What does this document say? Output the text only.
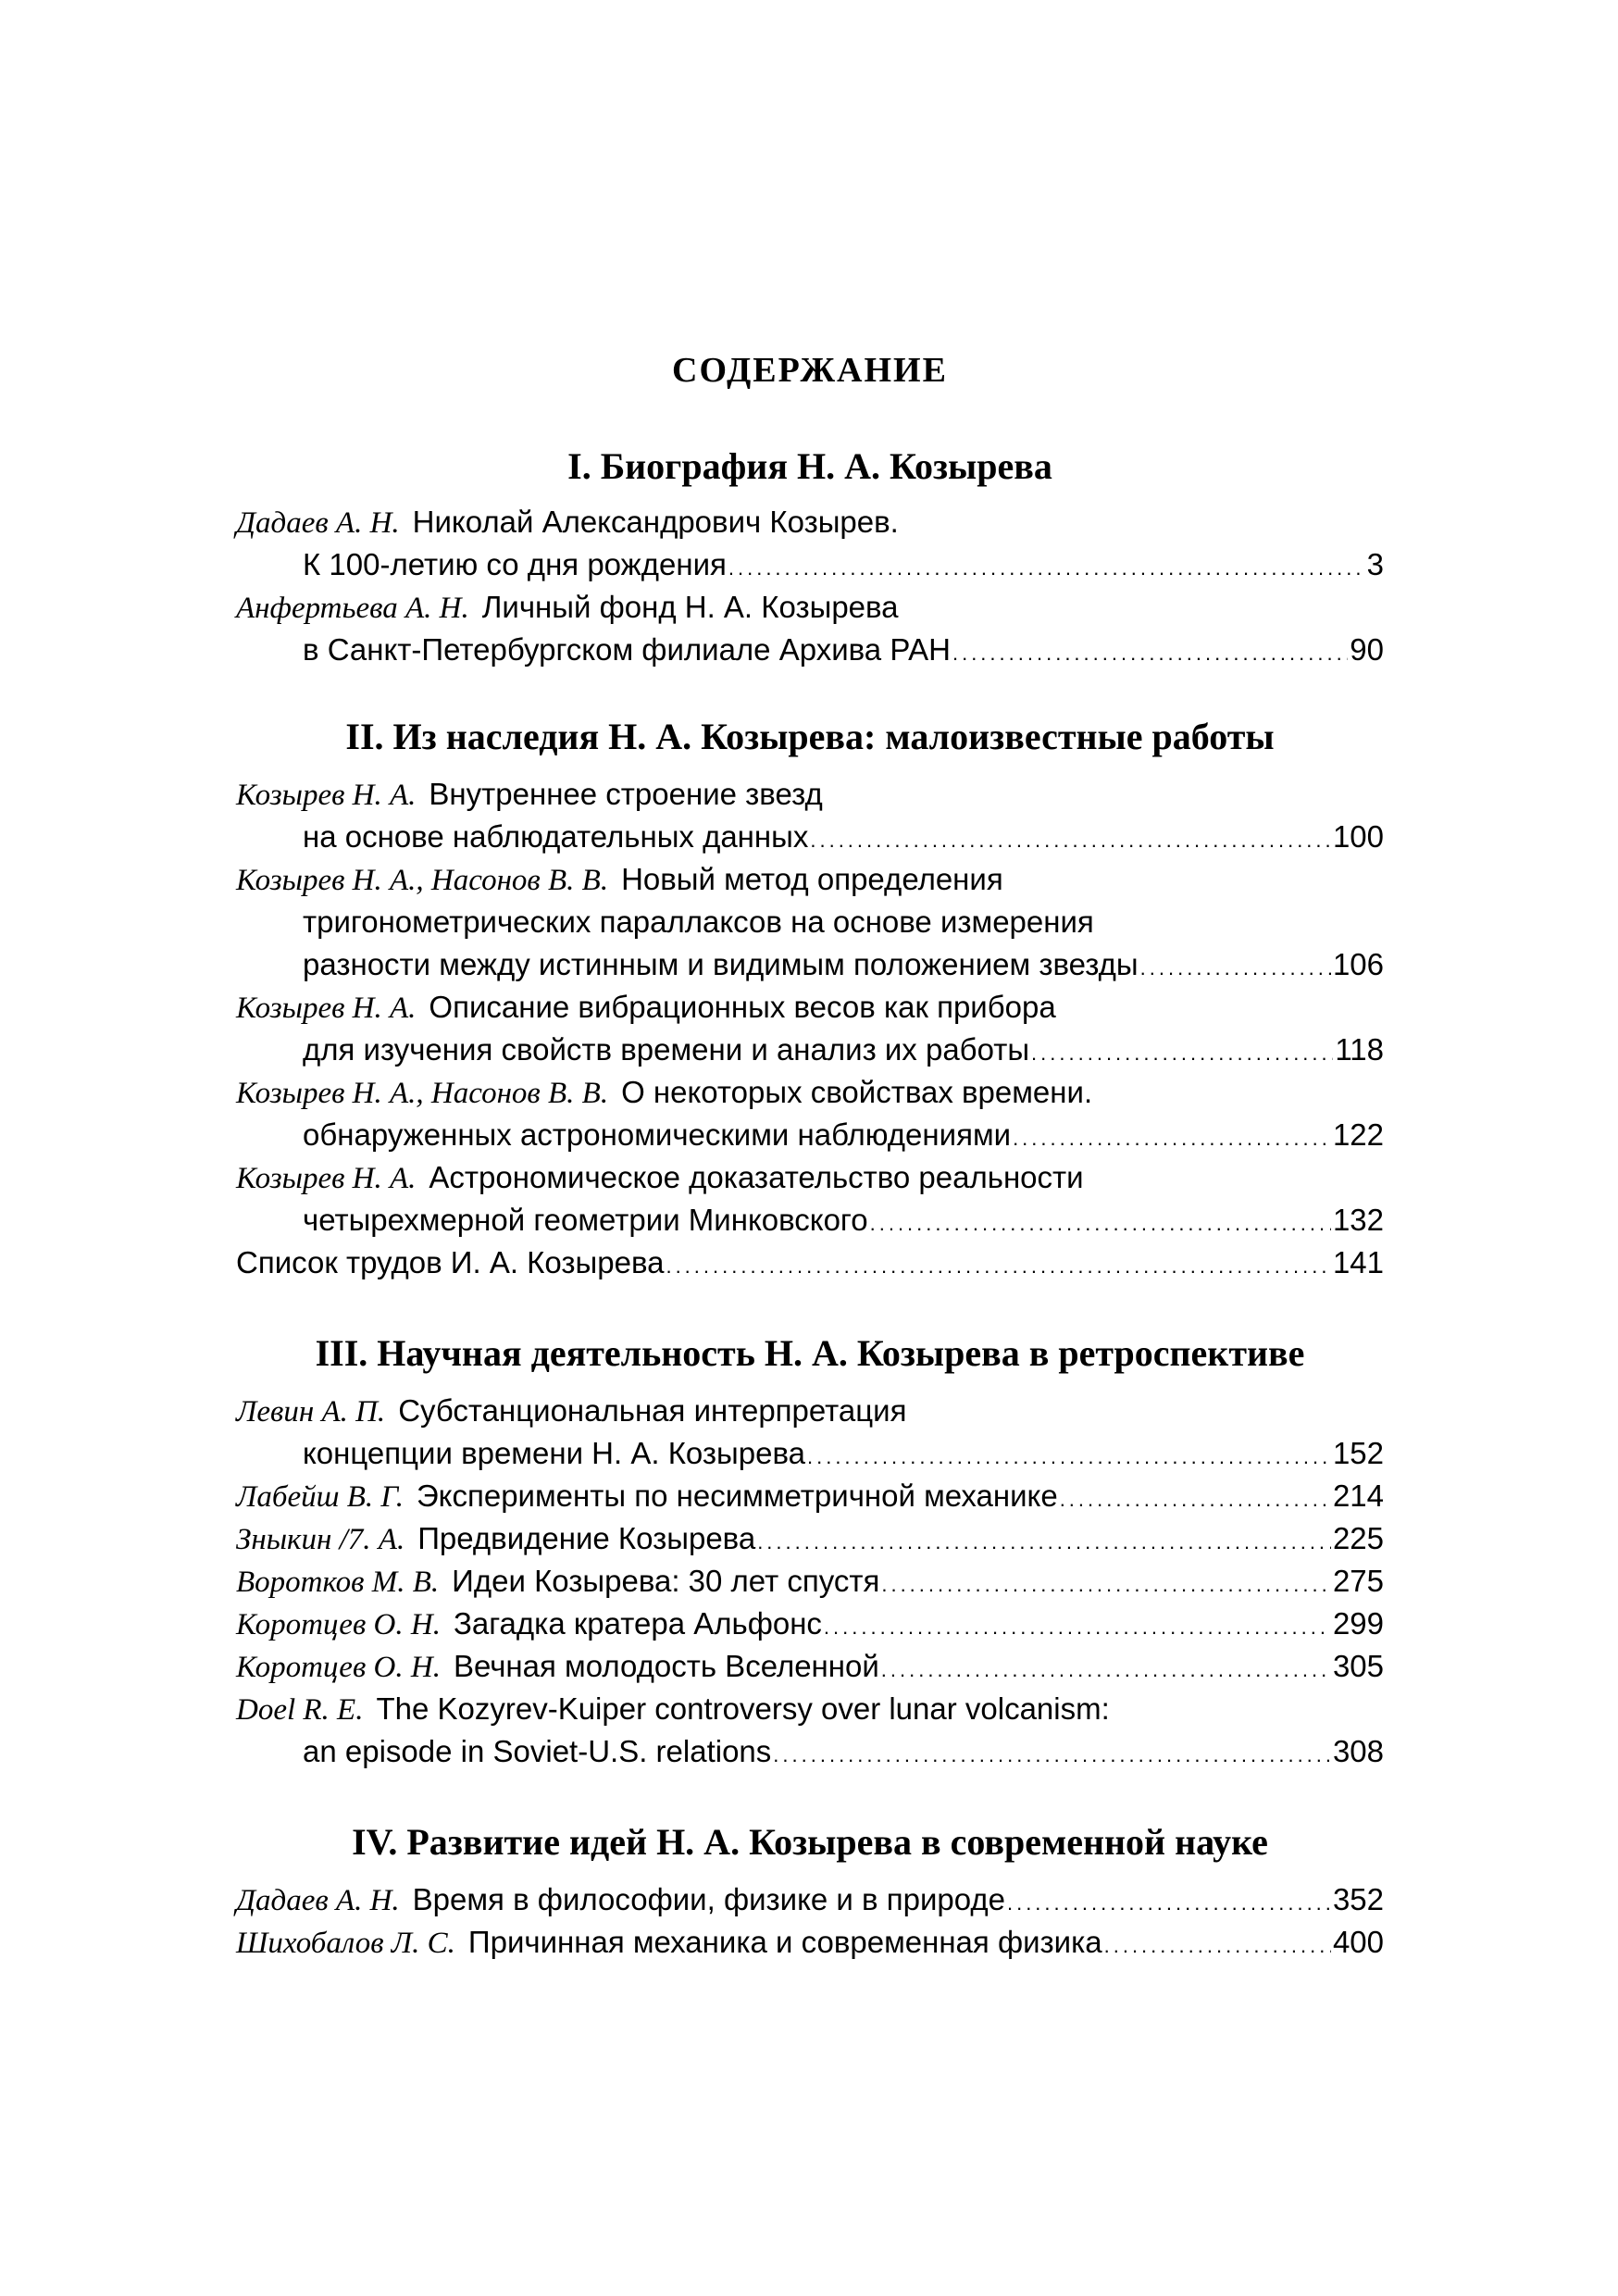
СОДЕРЖАНИЕ
I. Биография Н. А. Козырева
Дадаев А. Н. Николай Александрович Козырев.
К 100-летию со дня рождения .....	3
Анфертьева А. Н. Личный фонд Н. А. Козырева
в Санкт-Петербургском филиале Архива РАН .....	90
II. Из наследия Н. А. Козырева: малоизвестные работы
Козырев Н. А. Внутреннее строение звезд
на основе наблюдательных данных .....	100
Козырев Н. А., Насонов В. В. Новый метод определения
тригонометрических параллаксов на основе измерения
разности между истинным и видимым положением звезды .....	106
Козырев Н. А. Описание вибрационных весов как прибора
для изучения свойств времени и анализ их работы .....	118
Козырев Н. А., Насонов В. В. О некоторых свойствах времени.
обнаруженных астрономическими наблюдениями .....	122
Козырев Н. А. Астрономическое доказательство реальности
четырехмерной геометрии Минковского .....	132
Список трудов И. А. Козырева .....	141
III. Научная деятельность Н. А. Козырева в ретроспективе
Левин А. П. Субстанциональная интерпретация
концепции времени Н. А. Козырева .....	152
Лабейш В. Г. Эксперименты по несимметричной механике .....	214
Зныкин /7. А. Предвидение Козырева .....	225
Воротков М. В. Идеи Козырева: 30 лет спустя .....	275
Коротцев О. Н. Загадка кратера Альфонс .....	299
Коротцев О. Н. Вечная молодость Вселенной .....	305
Doel R. E. The Kozyrev-Kuiper controversy over lunar volcanism:
an episode in Soviet-U.S. relations .....	308
IV. Развитие идей Н. А. Козырева в современной науке
Дадаев А. Н. Время в философии, физике и в природе .....	352
Шихобалов Л. С. Причинная механика и современная физика .....	400
